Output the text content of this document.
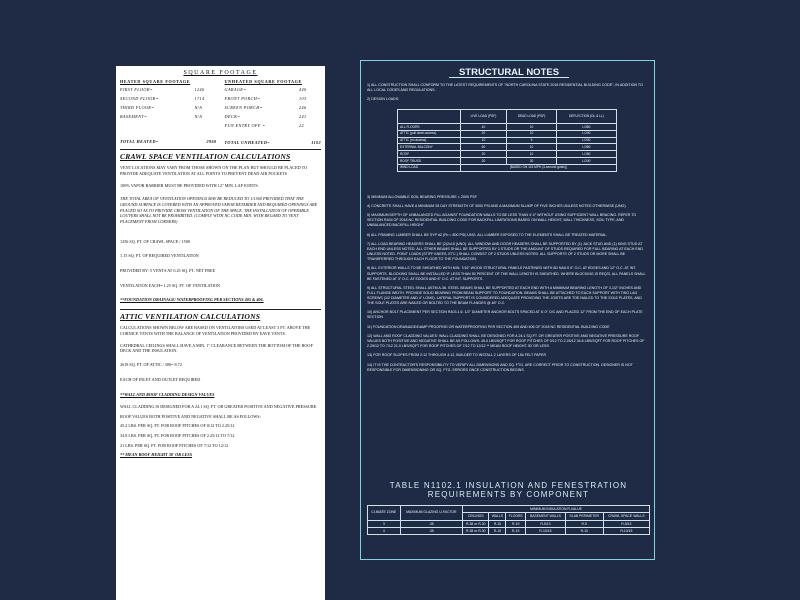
SQUARE FOOTAGE
HEATED SQUARE FOOTAGE
FIRST FLOOR=	1246
SECOND FLOOR=	1714
THIRD FLOOR=	N/A
BASEMENT=	N/A
TOTAL HEATED=	2960
UNHEATED SQUARE FOOTAGE
GARAGE=	440
FRONT PORCH=	103
SCREEN PORCH=	246
DECK=	241
FUN ENTRY OFF =	22
TOTAL UNHEATED=	1102
CRAWL SPACE VENTILATION CALCULATIONS
VENT LOCATIONS MAY VARY FROM THOSE SHOWN ON THE PLAN BUT SHOULD BE PLACED TO PROVIDE ADEQUATE VENTILATION AT ALL POINTS TO PREVENT DEAD AIR POCKETS
100% VAPOR BARRIER MUST BE PROVIDED WITH 12" MIN. LAP JOINTS.
THE TOTAL AREA OF VENTILATION OPENINGS MAY BE REDUCED TO 1/1500 PROVIDED THAT THE GROUND SURFACE IS COVERED WITH AN APPROVED VAPOR RETARDER AND REQUIRED OPENINGS ARE PLACED SO AS TO PROVIDE CROSS VENTILATION OF THE SPACE. THE INSTALLATION OF OPERABLE LOUVERS SHALL NOT BE PROHIBITED. (COMPLY WITH NC CODE MIN. WITH REGARD TO VENT PLACEMENT FROM CORNERS)
1256 SQ. FT. OF CRAWL SPACE / 1500
1.15 SQ. FT. OF REQUIRED VENTILATION
PROVIDED BY: 5 VENTS AT 0.25 SQ. FT. NET FREE
VENTILATION EACH= 1.25 SQ. FT. OF VENTILATION
**FOUNDATION DRAINAGE/ WATERPROOFING PER SECTIONS 405 & 406.
ATTIC VENTILATION CALCULATIONS
CALCULATIONS SHOWN BELOW ARE BASED ON VENTILATORS USED AT LEAST 3 FT. ABOVE THE CORNICE VENTS WITH THE BALANCE OF VENTILATION PROVIDED BY EAVE VENTS.
CATHEDRAL CEILINGS SHALL HAVE A MIN. 1" CLEARANCE BETWEEN THE BOTTOM OF THE ROOF DECK AND THE INSULATION.
2618 SQ. FT. OF ATTIC / 300= 8.72
EACH OF INLET AND OUTLET REQUIRED
**WALL AND ROOF CLADDING DESIGN VALUES
WALL CLADDING IS DESIGNED FOR A 24.1 SQ. FT. OR GREATER POSITIVE AND NEGATIVE PRESSURE.
ROOF VALUES BOTH POSITIVE AND NEGATIVE SHALL BE AS FOLLOWS:
45.2 LBS. PER SQ. FT. FOR ROOF PITCHES OF 0/12 TO 2.25/12
34.8 LBS. PER SQ. FT. FOR ROOF PITCHES OF 2.25/12 TO 7/12
21 LBS. PER SQ. FT. FOR ROOF PITCHES OF 7/12 TO 12/12
** MEAN ROOF HEIGHT 30' OR LESS
STRUCTURAL NOTES
1) ALL CONSTRUCTION SHALL CONFORM TO THE LATEST REQUIREMENTS OF "NORTH CAROLINA STATE 2018 RESIDENTIAL BUILDING CODE", IN ADDITION TO ALL LOCAL CODES AND REGULATIONS.
2) DESIGN LOADS:
3) MINIMUM ALLOWABLE SOIL BEARING PRESSURE = 2000 PSF
4) CONCRETE SHALL HAVE A MINIMUM 28 DAY STRENGTH OF 3000 PSI AND A MAXIMUM SLUMP OF FIVE INCHES UNLESS NOTED OTHERWISE (UNO).
5) MAXIMUM DEPTH OF UNBALANCED FILL AGAINST FOUNDATION WALLS TO BE LESS THAN 4'-0" WITHOUT USING SUFFICIENT WALL BRACING. REFER TO SECTION R404 OF 2018 NC RESIDENTIAL BUILDING CODE FOR BACKFILL LIMITATIONS BASED ON WALL HEIGHT, WALL THICKNESS, SOIL TYPE, AND UNBALANCED BACKFILL HEIGHT
6) ALL FRAMING LUMBER SHALL BE SYP #2 (Fb = 800 PSI) UNO. ALL LUMBER EXPOSED TO THE ELEMENTS SHALL BE TREATED MATERIAL.
7) ALL LOAD BEARING HEADERS SHALL BE (2)2x10 (UNO). ALL WINDOW AND DOOR HEADERS SHALL BE SUPPORTED BY (1) JACK STUD AND (1) KING STUD AT EACH END UNLESS NOTED. ALL OTHER BEAMS SHALL BE SUPPORTED BY 3 STUDS OR THE AMOUNT OF STUDS REQUIRED FOR FULL BEARING AT EACH END UNLESS NOTED. POINT LOADS (STIFF KNEES, ETC.) SHALL CONSIST OF 2 STUDS UNLESS NOTED. ALL SUPPORTS OF 2 STUDS OR MORE SHALL BE TRANSFERRED THROUGH EACH FLOOR TO THE FOUNDATION.
8) ALL EXTERIOR WALLS TO BE SHEATHED WITH MIN. 7/16" WOOD STRUCTURAL PANELS FASTENED WITH 8D NAILS 6" O.C. AT EDGES AND 12" O.C. AT INT. SUPPORTS. BLOCKING SHALL BE INSTALLED IF LESS THAN 50 PERCENT OF THE WALL LENGTH IS SHEATHED. WHERE BLOCKING IS REQ'D, ALL PANELS SHALL BE FASTENED AT 3" O.C. AT EDGES AND 6" O.C. AT INT. SUPPORTS.
9) ALL STRUCTURAL STEEL SHALL ASTM A-36. STEEL BEAMS SHALL BE SUPPORTED AT EACH END WITH A MINIMUM BEARING LENGTH OF 3-1/2" INCHES AND FULL FLANGE WIDTH. PROVIDE SOLID BEARING FROM BEAM SUPPORT TO FOUNDATION. BEAMS SHALL BE ATTACHED TO EACH SUPPORT WITH TWO LAG SCREWS (1/2 DIAMETER AND 4" LONG). LATERAL SUPPORT IS CONSIDERED ADEQUATE PROVIDING THE JOISTS ARE TOE NAILED TO THE SOLE PLATES, AND THE SOLE PLATES ARE NAILED OR BOLTED TO THE BEAM FLANGES @ 48" O.C.
10) ANCHOR BOLT PLACEMENT PER SECTION R403.1.6. 1/2" DIAMETER ANCHOR BOLTS SPACED AT 6'-0" O/C AND PLACED 12" FROM THE END OF EACH PLATE SECTION
11) FOUNDATION DRAINAGE/DAMP PROOFING OR WATERPROOFING PER SECTION 405 AND 406 OF 2018 NC RESIDENTIAL BUILDING CODE
12) WALL AND ROOF CLADDING VALUES: WALL CLADDING SHALL BE DESIGNED FOR A 24.1 SQ.FT. OR GREATER POSITIVE AND NEGATIVE PRESSURE ROOF VALUES BOTH POSITIVE AND NEGATIVE SHALL BE AS FOLLOWS: 45.0 LBS/SQFT FOR ROOF PITCHES OF 0/12 TO 2.25/12 34.6 LBS/SQFT FOR ROOF PITCHES OF 2.25/12 TO 7/12 21.0 LBS/SQFT FOR ROOF PITCHES OF 7/12 TO 12/12 ** MEAN ROOF HEIGHT 30' OR LESS
13) FOR ROOF SLOPES FROM 2:12 THROUGH 4:12, BUILDER TO INSTALL 2 LAYERS OF 15# FELT PAPER
14) IT IS THE CONTRACTOR'S RESPONSIBILITY TO VERIFY ALL DIMENSIONS AND SQ. FTG. ARE CORRECT PRIOR TO CONSTRUCTION. DESIGNER IS NOT RESPONSIBLE FOR DIMENSIONING OR SQ. FTG. ERRORS ONCE CONSTRUCTION BEGINS
	LIVE LOAD (PSF)	DEAD LOAD (PSF)	DEFLECTION (DL & LL)
ALL FLOORS	40	10	L/360
ATTIC (pull down access)	20	10	L/240
ATTIC (no access)	10	5	L/240
EXTERNAL BALCONY	60	10	L/360
ROOF	20	10	L/180
ROOF TRUSS	20	20	L/240
WIND LOAD	[BASED ON 115 MPH (3-second gusts)]		
TABLE N1102.1 INSULATION AND FENESTRATION
REQUIREMENTS BY COMPONENT
CLIMATE ZONE	MAXIMUM GLAZING U-FACTOR	MINIMUM INSULATION R-VALUE					
		CEILINGS	WALLS	FLOORS	BASEMENT WALLS	SLAB PERIMETER	CRAWL SPACE WALLS
3	.35	R-38 or R-30	R-15	R-19	R-5/13	R-5	R-5/13
4	.35	R-38 or R-30	R-15	R-19	R-10/15	R-10	R-10/15
